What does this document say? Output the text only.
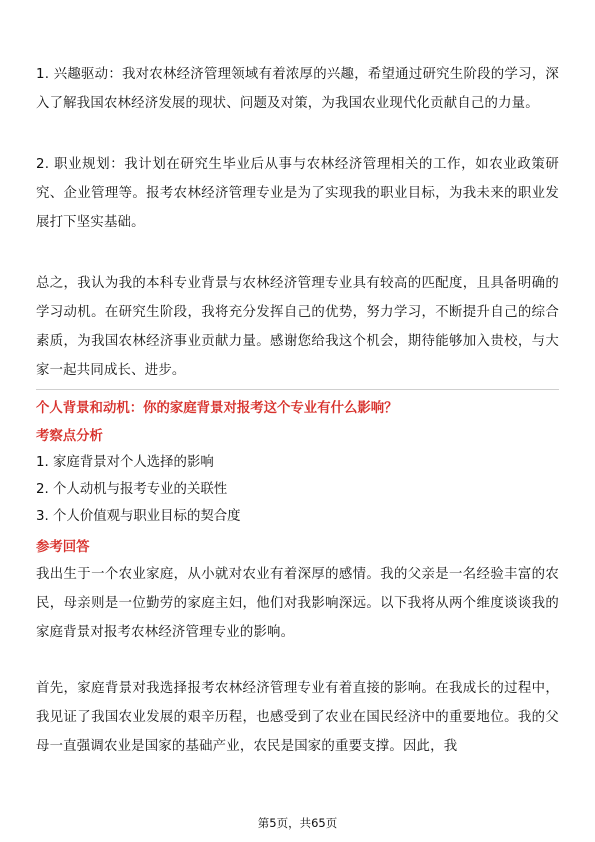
1. 兴趣驱动：我对农林经济管理领域有着浓厚的兴趣，希望通过研究生阶段的学习，深入了解我国农林经济发展的现状、问题及对策，为我国农业现代化贡献自己的力量。

2. 职业规划：我计划在研究生毕业后从事与农林经济管理相关的工作，如农业政策研究、企业管理等。报考农林经济管理专业是为了实现我的职业目标，为我未来的职业发展打下坚实基础。

总之，我认为我的本科专业背景与农林经济管理专业具有较高的匹配度，且具备明确的学习动机。在研究生阶段，我将充分发挥自己的优势，努力学习，不断提升自己的综合素质，为我国农林经济事业贡献力量。感谢您给我这个机会，期待能够加入贵校，与大家一起共同成长、进步。

个人背景和动机：你的家庭背景对报考这个专业有什么影响？
考察点分析
1. 家庭背景对个人选择的影响
2. 个人动机与报考专业的关联性
3. 个人价值观与职业目标的契合度
参考回答

我出生于一个农业家庭，从小就对农业有着深厚的感情。我的父亲是一名经验丰富的农民，母亲则是一位勤劳的家庭主妇，他们对我影响深远。以下我将从两个维度谈谈我的家庭背景对报考农林经济管理专业的影响。

首先，家庭背景对我选择报考农林经济管理专业有着直接的影响。在我成长的过程中，我见证了我国农业发展的艰辛历程，也感受到了农业在国民经济中的重要地位。我的父母一直强调农业是国家的基础产业，农民是国家的重要支撑。因此，我

第5页，共65页
